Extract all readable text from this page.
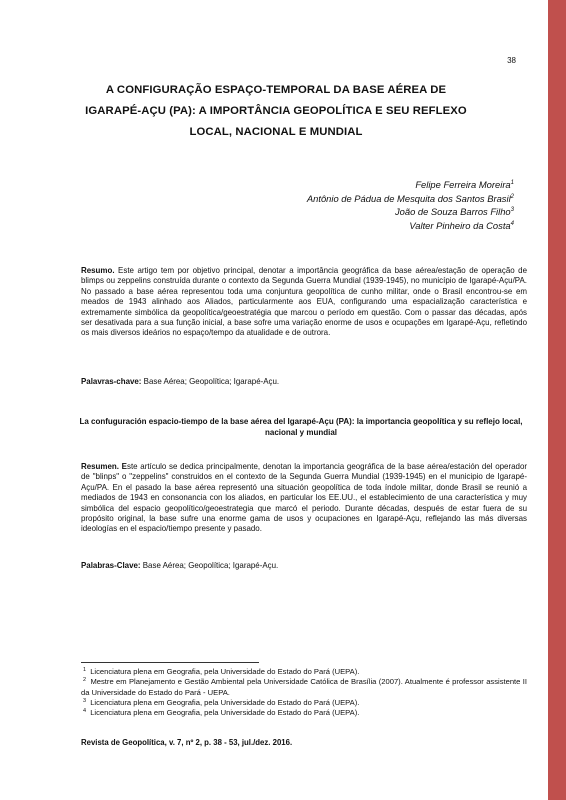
38
A CONFIGURAÇÃO ESPAÇO-TEMPORAL DA BASE AÉREA DE
IGARAPÉ-AÇU (PA): A IMPORTÂNCIA GEOPOLÍTICA E SEU REFLEXO
LOCAL, NACIONAL E MUNDIAL
Felipe Ferreira Moreira$^1$
Antônio de Pádua de Mesquita dos Santos Brasil$^2$
João de Souza Barros Filho$^3$
Valter Pinheiro da Costa$^4$

Resumo. Este artigo tem por objetivo principal, denotar a importância geográfica da base aérea/estação de operação de blimps ou zeppelins construída durante o contexto da Segunda Guerra Mundial (1939-1945), no município de Igarapé-Açu/PA. No passado a base aérea representou toda uma conjuntura geopolítica de cunho militar, onde o Brasil encontrou-se em meados de 1943 alinhado aos Aliados, particularmente aos EUA, configurando uma espacialização característica e extremamente simbólica da geopolítica/geoestratégia que marcou o período em questão. Com o passar das décadas, após ser desativada para a sua função inicial, a base sofre uma variação enorme de usos e ocupações em Igarapé-Açu, refletindo os mais diversos ideários no espaço/tempo da atualidade e de outrora.

Palavras-chave: Base Aérea; Geopolítica; Igarapé-Açu.

La confuguración espacio-tiempo de la base aérea del Igarapé-Açu (PA): la importancia geopolítica y su reflejo local, nacional y mundial

Resumen. Este artículo se dedica principalmente, denotan la importancia geográfica de la base aérea/estación del operador de "blinps" o "zeppelins" construidos en el contexto de la Segunda Guerra Mundial (1939-1945) en el municipio de Igarapé-Açu/PA. En el pasado la base aérea representó una situación geopolítica de toda índole militar, donde Brasil se reunió a mediados de 1943 en consonancia con los aliados, en particular los EE.UU., el establecimiento de una característica y muy simbólica del espacio geopolítico/geoestrategia que marcó el periodo. Durante décadas, después de estar fuera de su propósito original, la base sufre una enorme gama de usos y ocupaciones en Igarapé-Açu, reflejando las más diversas ideologías en el espacio/tiempo presente y pasado.

Palabras-Clave: Base Aérea; Geopolítica; Igarapé-Açu.

$^1$ Licenciatura plena em Geografia, pela Universidade do Estado do Pará (UEPA).

$^2$ Mestre em Planejamento e Gestão Ambiental pela Universidade Católica de Brasília (2007). Atualmente é professor assistente II da Universidade do Estado do Pará - UEPA.

$^3$ Licenciatura plena em Geografia, pela Universidade do Estado do Pará (UEPA).

$^4$ Licenciatura plena em Geografia, pela Universidade do Estado do Pará (UEPA).

Revista de Geopolítica, v. 7, nº 2, p. 38 - 53, jul./dez. 2016.
